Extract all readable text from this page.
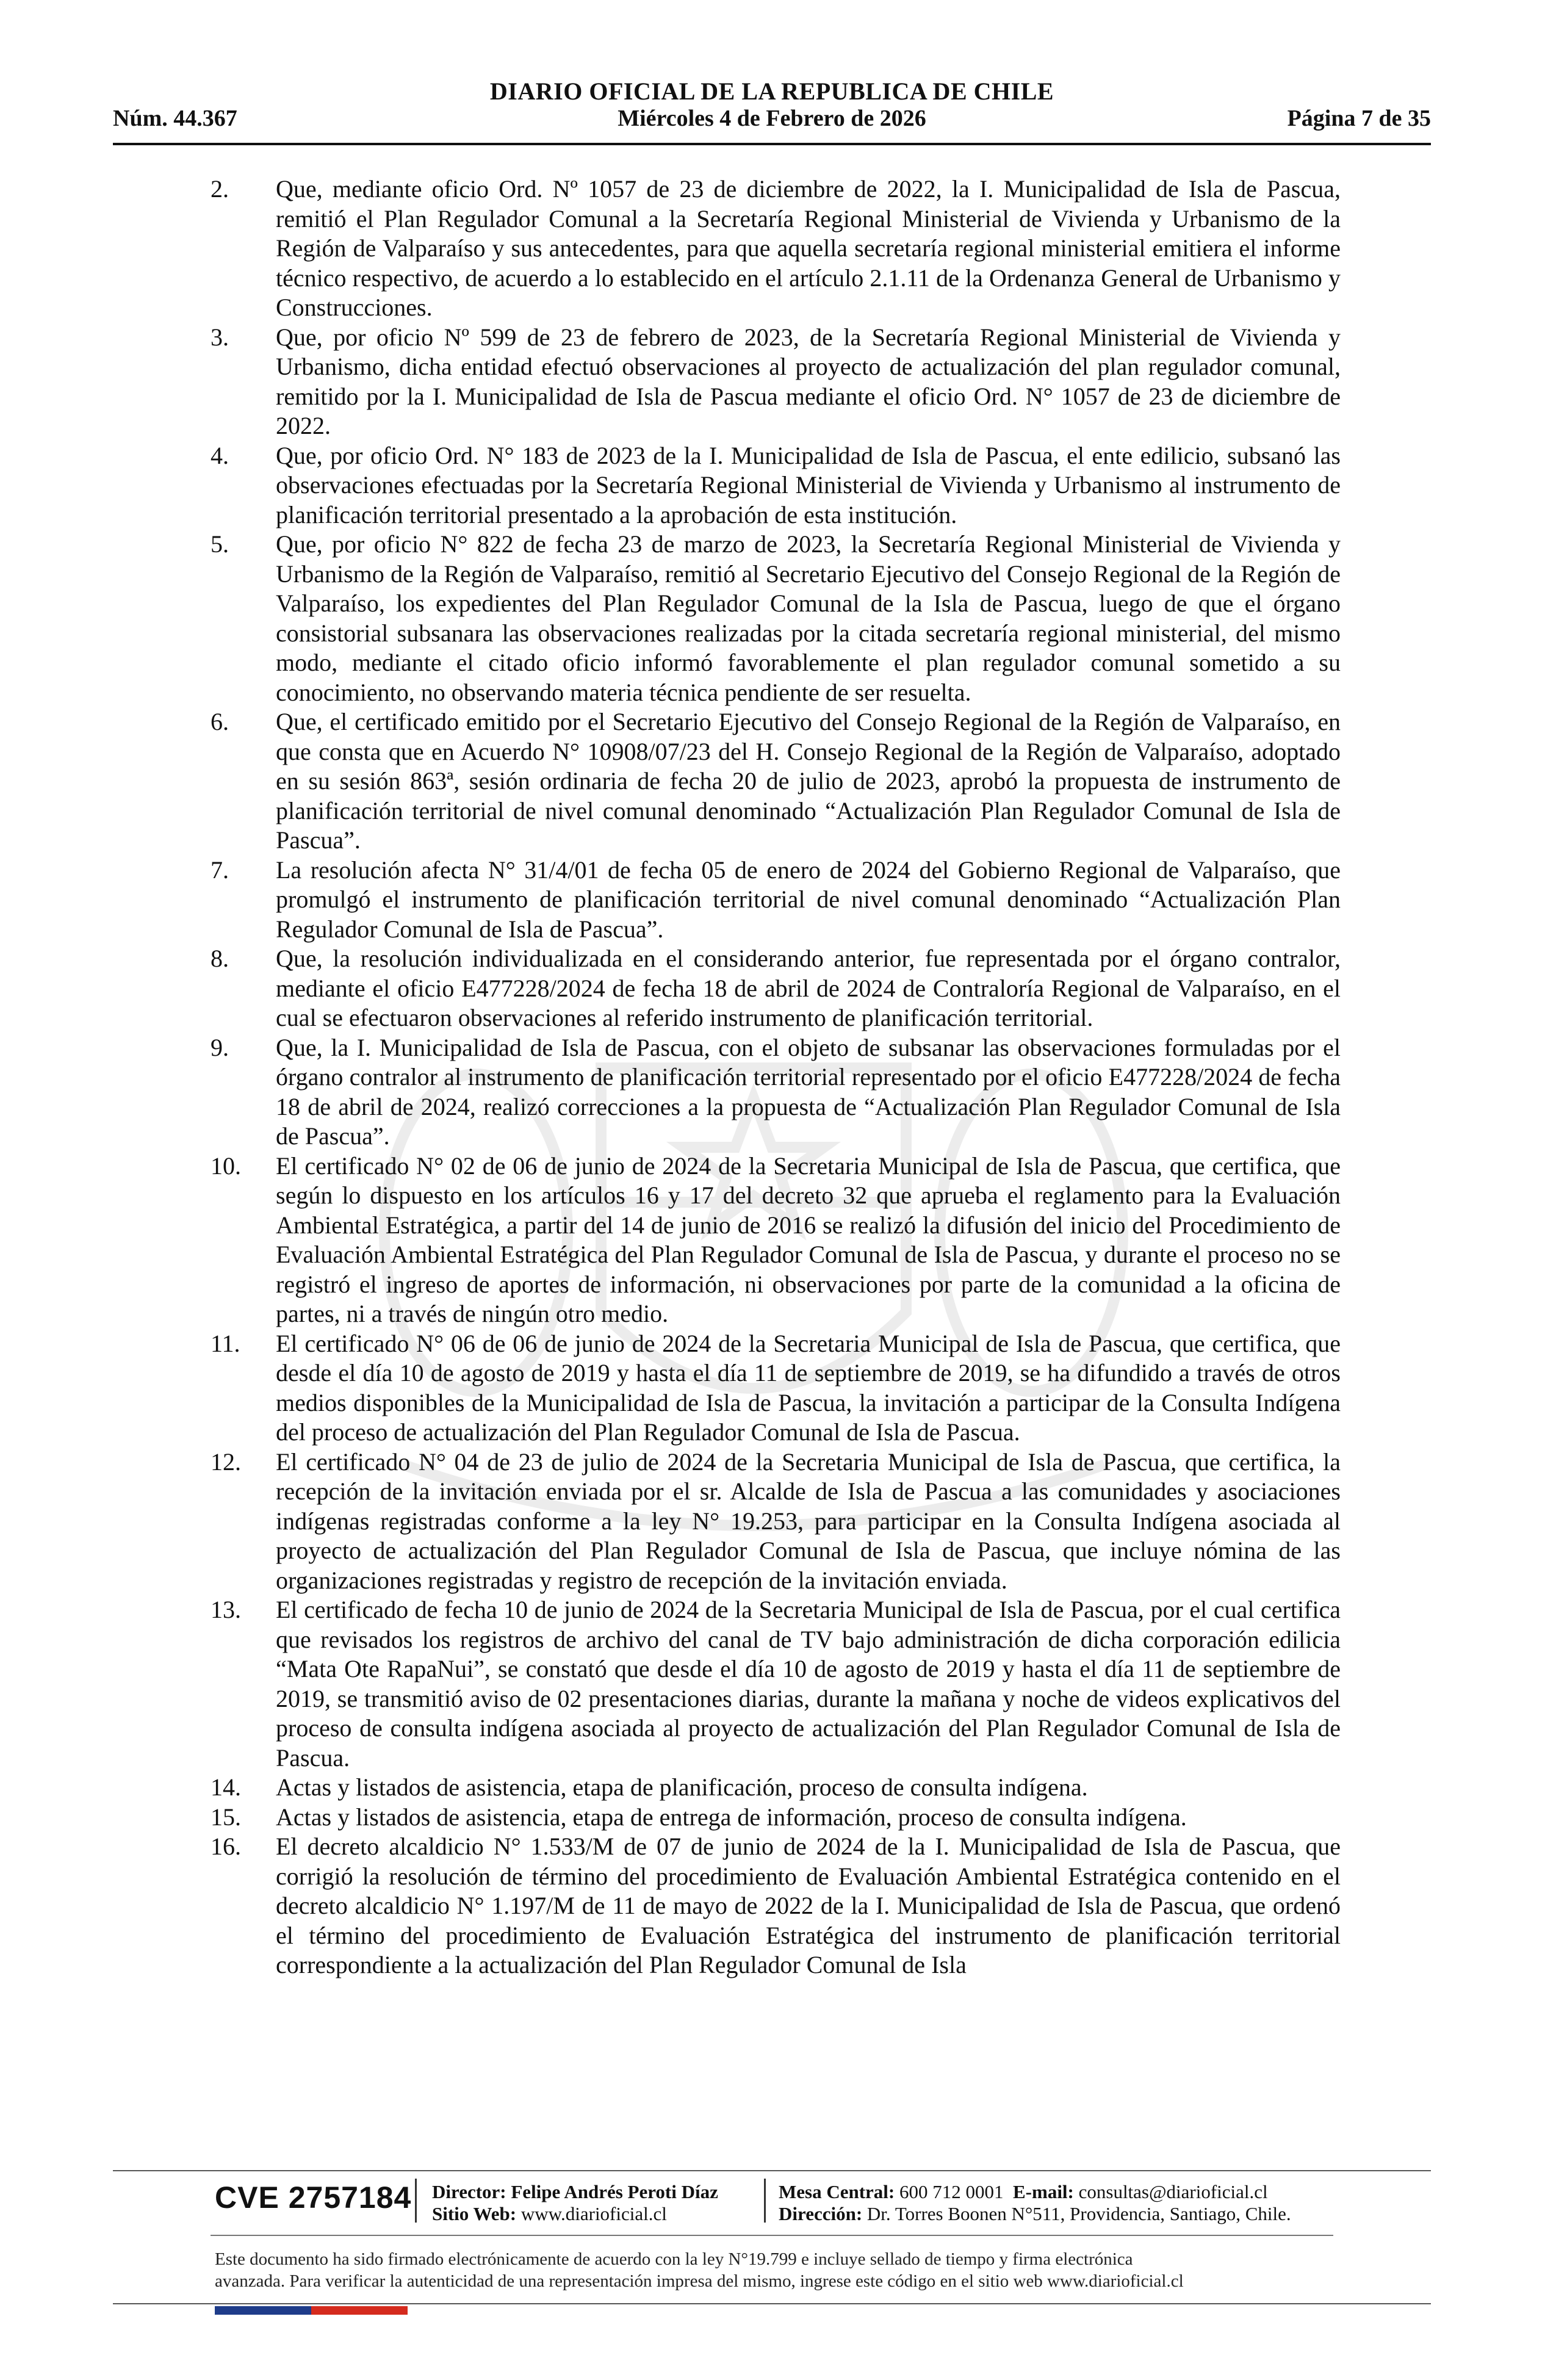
DIARIO OFICIAL DE LA REPUBLICA DE CHILE
Núm. 44.367	Miércoles 4 de Febrero de 2026	Página 7 de 35
2. Que, mediante oficio Ord. Nº 1057 de 23 de diciembre de 2022, la I. Municipalidad de Isla de Pascua, remitió el Plan Regulador Comunal a la Secretaría Regional Ministerial de Vivienda y Urbanismo de la Región de Valparaíso y sus antecedentes, para que aquella secretaría regional ministerial emitiera el informe técnico respectivo, de acuerdo a lo establecido en el artículo 2.1.11 de la Ordenanza General de Urbanismo y Construcciones.
3. Que, por oficio Nº 599 de 23 de febrero de 2023, de la Secretaría Regional Ministerial de Vivienda y Urbanismo, dicha entidad efectuó observaciones al proyecto de actualización del plan regulador comunal, remitido por la I. Municipalidad de Isla de Pascua mediante el oficio Ord. N° 1057 de 23 de diciembre de 2022.
4. Que, por oficio Ord. N° 183 de 2023 de la I. Municipalidad de Isla de Pascua, el ente edilicio, subsanó las observaciones efectuadas por la Secretaría Regional Ministerial de Vivienda y Urbanismo al instrumento de planificación territorial presentado a la aprobación de esta institución.
5. Que, por oficio N° 822 de fecha 23 de marzo de 2023, la Secretaría Regional Ministerial de Vivienda y Urbanismo de la Región de Valparaíso, remitió al Secretario Ejecutivo del Consejo Regional de la Región de Valparaíso, los expedientes del Plan Regulador Comunal de la Isla de Pascua, luego de que el órgano consistorial subsanara las observaciones realizadas por la citada secretaría regional ministerial, del mismo modo, mediante el citado oficio informó favorablemente el plan regulador comunal sometido a su conocimiento, no observando materia técnica pendiente de ser resuelta.
6. Que, el certificado emitido por el Secretario Ejecutivo del Consejo Regional de la Región de Valparaíso, en que consta que en Acuerdo N° 10908/07/23 del H. Consejo Regional de la Región de Valparaíso, adoptado en su sesión 863ª, sesión ordinaria de fecha 20 de julio de 2023, aprobó la propuesta de instrumento de planificación territorial de nivel comunal denominado “Actualización Plan Regulador Comunal de Isla de Pascua”.
7. La resolución afecta N° 31/4/01 de fecha 05 de enero de 2024 del Gobierno Regional de Valparaíso, que promulgó el instrumento de planificación territorial de nivel comunal denominado “Actualización Plan Regulador Comunal de Isla de Pascua”.
8. Que, la resolución individualizada en el considerando anterior, fue representada por el órgano contralor, mediante el oficio E477228/2024 de fecha 18 de abril de 2024 de Contraloría Regional de Valparaíso, en el cual se efectuaron observaciones al referido instrumento de planificación territorial.
9. Que, la I. Municipalidad de Isla de Pascua, con el objeto de subsanar las observaciones formuladas por el órgano contralor al instrumento de planificación territorial representado por el oficio E477228/2024 de fecha 18 de abril de 2024, realizó correcciones a la propuesta de “Actualización Plan Regulador Comunal de Isla de Pascua”.
10. El certificado N° 02 de 06 de junio de 2024 de la Secretaria Municipal de Isla de Pascua, que certifica, que según lo dispuesto en los artículos 16 y 17 del decreto 32 que aprueba el reglamento para la Evaluación Ambiental Estratégica, a partir del 14 de junio de 2016 se realizó la difusión del inicio del Procedimiento de Evaluación Ambiental Estratégica del Plan Regulador Comunal de Isla de Pascua, y durante el proceso no se registró el ingreso de aportes de información, ni observaciones por parte de la comunidad a la oficina de partes, ni a través de ningún otro medio.
11. El certificado N° 06 de 06 de junio de 2024 de la Secretaria Municipal de Isla de Pascua, que certifica, que desde el día 10 de agosto de 2019 y hasta el día 11 de septiembre de 2019, se ha difundido a través de otros medios disponibles de la Municipalidad de Isla de Pascua, la invitación a participar de la Consulta Indígena del proceso de actualización del Plan Regulador Comunal de Isla de Pascua.
12. El certificado N° 04 de 23 de julio de 2024 de la Secretaria Municipal de Isla de Pascua, que certifica, la recepción de la invitación enviada por el sr. Alcalde de Isla de Pascua a las comunidades y asociaciones indígenas registradas conforme a la ley N° 19.253, para participar en la Consulta Indígena asociada al proyecto de actualización del Plan Regulador Comunal de Isla de Pascua, que incluye nómina de las organizaciones registradas y registro de recepción de la invitación enviada.
13. El certificado de fecha 10 de junio de 2024 de la Secretaria Municipal de Isla de Pascua, por el cual certifica que revisados los registros de archivo del canal de TV bajo administración de dicha corporación edilicia “Mata Ote RapaNui”, se constató que desde el día 10 de agosto de 2019 y hasta el día 11 de septiembre de 2019, se transmitió aviso de 02 presentaciones diarias, durante la mañana y noche de videos explicativos del proceso de consulta indígena asociada al proyecto de actualización del Plan Regulador Comunal de Isla de Pascua.
14. Actas y listados de asistencia, etapa de planificación, proceso de consulta indígena.
15. Actas y listados de asistencia, etapa de entrega de información, proceso de consulta indígena.
16. El decreto alcaldicio N° 1.533/M de 07 de junio de 2024 de la I. Municipalidad de Isla de Pascua, que corrigió la resolución de término del procedimiento de Evaluación Ambiental Estratégica contenido en el decreto alcaldicio N° 1.197/M de 11 de mayo de 2022 de la I. Municipalidad de Isla de Pascua, que ordenó el término del procedimiento de Evaluación Estratégica del instrumento de planificación territorial correspondiente a la actualización del Plan Regulador Comunal de Isla
CVE 2757184 Director: Felipe Andrés Peroti Díaz
Sitio Web: www.diarioficial.cl
Mesa Central: 600 712 0001 E-mail: consultas@diarioficial.cl
Dirección: Dr. Torres Boonen N°511, Providencia, Santiago, Chile.
Este documento ha sido firmado electrónicamente de acuerdo con la ley N°19.799 e incluye sellado de tiempo y firma electrónica
avanzada. Para verificar la autenticidad de una representación impresa del mismo, ingrese este código en el sitio web www.diarioficial.cl
